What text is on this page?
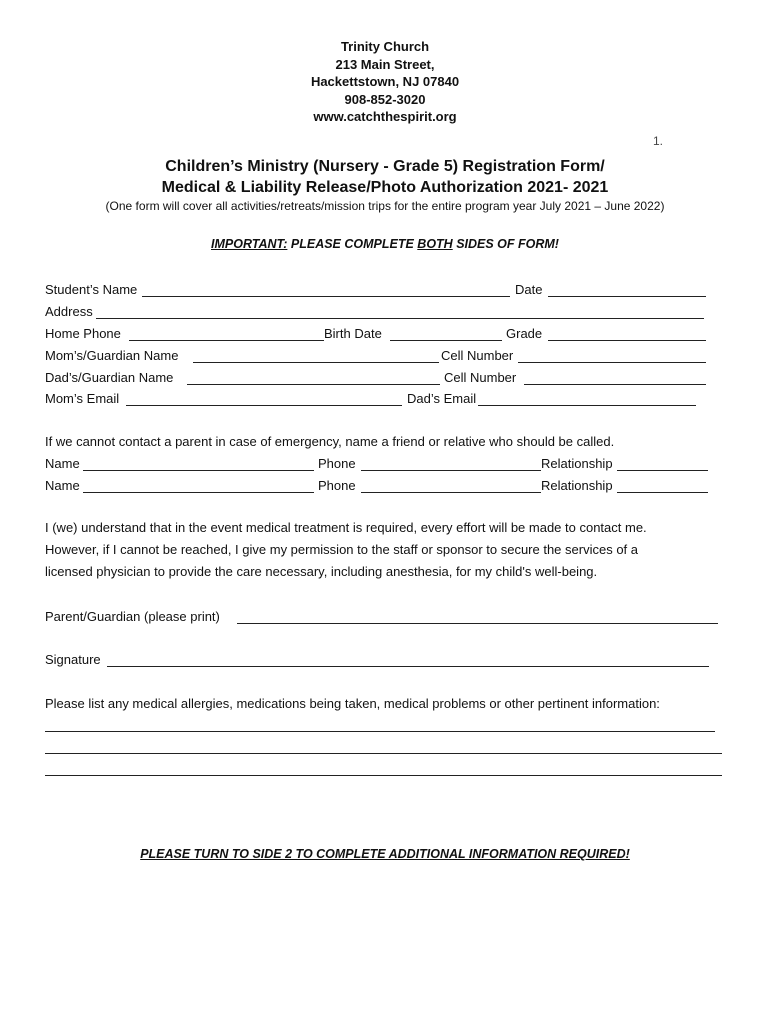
Trinity Church
213 Main Street,
Hackettstown, NJ 07840
908-852-3020
www.catchthespirit.org
1.
Children’s Ministry (Nursery - Grade 5) Registration Form/
Medical & Liability Release/Photo Authorization 2021- 2021
(One form will cover all activities/retreats/mission trips for the entire program year July 2021 – June 2022)
IMPORTANT: PLEASE COMPLETE BOTH SIDES OF FORM!
Student’s Name	Date
Address
Home Phone	Birth Date	Grade
Mom’s/Guardian Name	Cell Number
Dad’s/Guardian Name	Cell Number
Mom’s Email	Dad’s Email
If we cannot contact a parent in case of emergency, name a friend or relative who should be called.
Name	Phone	Relationship
Name	Phone	Relationship
I (we) understand that in the event medical treatment is required, every effort will be made to contact me.
However, if I cannot be reached, I give my permission to the staff or sponsor to secure the services of a
licensed physician to provide the care necessary, including anesthesia, for my child's well-being.
Parent/Guardian (please print)
Signature
Please list any medical allergies, medications being taken, medical problems or other pertinent information:
PLEASE TURN TO SIDE 2 TO COMPLETE ADDITIONAL INFORMATION REQUIRED!
